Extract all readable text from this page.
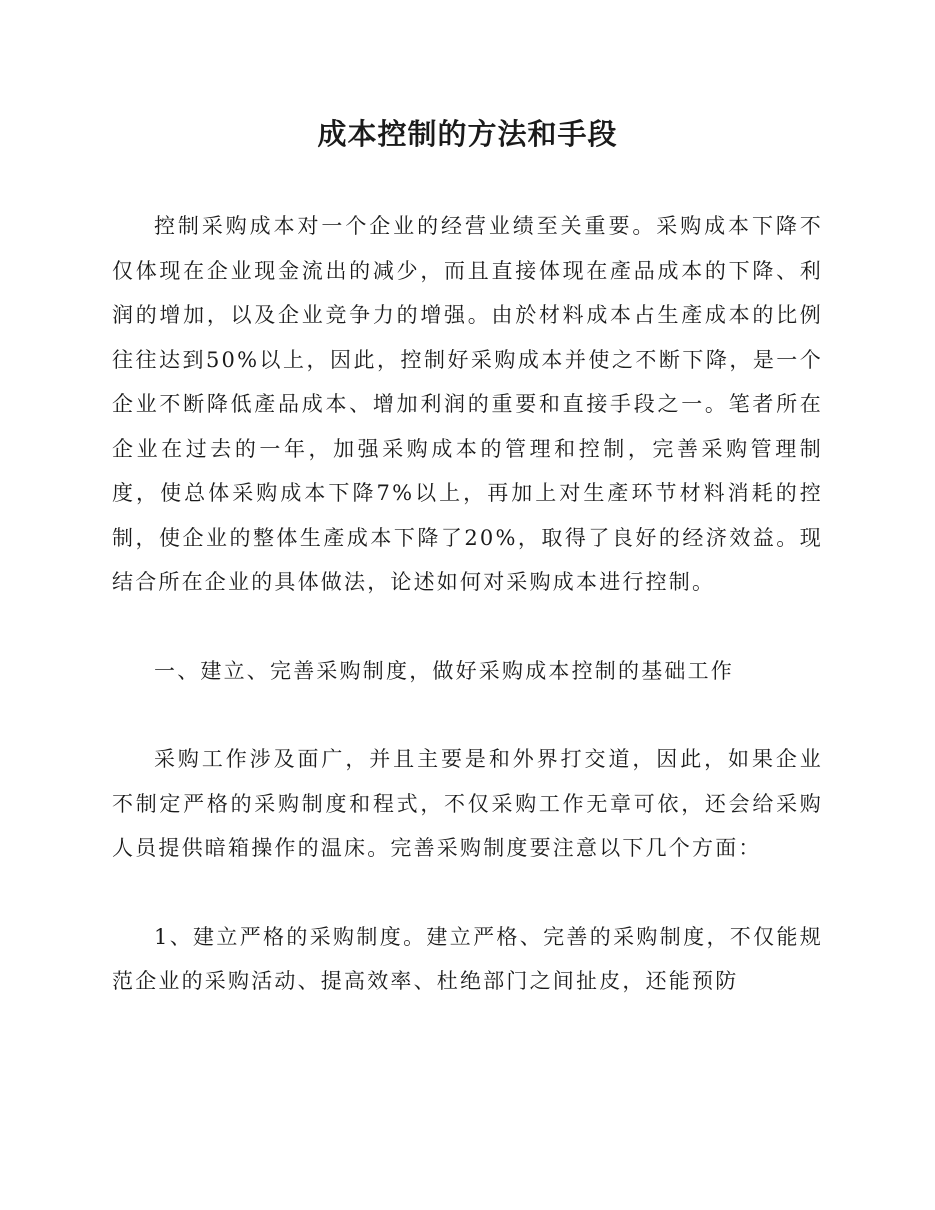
成本控制的方法和手段

控制采购成本对一个企业的经营业绩至关重要。采购成本下降不仅体现在企业现金流出的减少，而且直接体现在產品成本的下降、利润的增加，以及企业竞争力的增强。由於材料成本占生產成本的比例往往达到50%以上，因此，控制好采购成本并使之不断下降，是一个企业不断降低產品成本、增加利润的重要和直接手段之一。笔者所在企业在过去的一年，加强采购成本的管理和控制，完善采购管理制度，使总体采购成本下降7%以上，再加上对生產环节材料消耗的控制，使企业的整体生產成本下降了20%，取得了良好的经济效益。现结合所在企业的具体做法，论述如何对采购成本进行控制。

一、建立、完善采购制度，做好采购成本控制的基础工作

采购工作涉及面广，并且主要是和外界打交道，因此，如果企业不制定严格的采购制度和程式，不仅采购工作无章可依，还会给采购人员提供暗箱操作的温床。完善采购制度要注意以下几个方面：

1、建立严格的采购制度。建立严格、完善的采购制度，不仅能规范企业的采购活动、提高效率、杜绝部门之间扯皮，还能预防
